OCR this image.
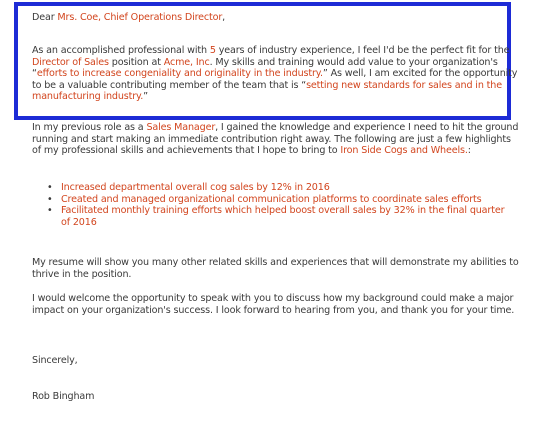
Dear Mrs. Coe, Chief Operations Director,

As an accomplished professional with 5 years of industry experience, I feel I'd be the perfect fit for the Director of Sales position at Acme, Inc. My skills and training would add value to your organization's “efforts to increase congeniality and originality in the industry.” As well, I am excited for the opportunity to be a valuable contributing member of the team that is “setting new standards for sales and in the manufacturing industry.”

In my previous role as a Sales Manager, I gained the knowledge and experience I need to hit the ground running and start making an immediate contribution right away. The following are just a few highlights of my professional skills and achievements that I hope to bring to Iron Side Cogs and Wheels.:

• Increased departmental overall cog sales by 12% in 2016
• Created and managed organizational communication platforms to coordinate sales efforts
• Facilitated monthly training efforts which helped boost overall sales by 32% in the final quarter of 2016

My resume will show you many other related skills and experiences that will demonstrate my abilities to thrive in the position.

I would welcome the opportunity to speak with you to discuss how my background could make a major impact on your organization's success. I look forward to hearing from you, and thank you for your time.

Sincerely,

Rob Bingham
